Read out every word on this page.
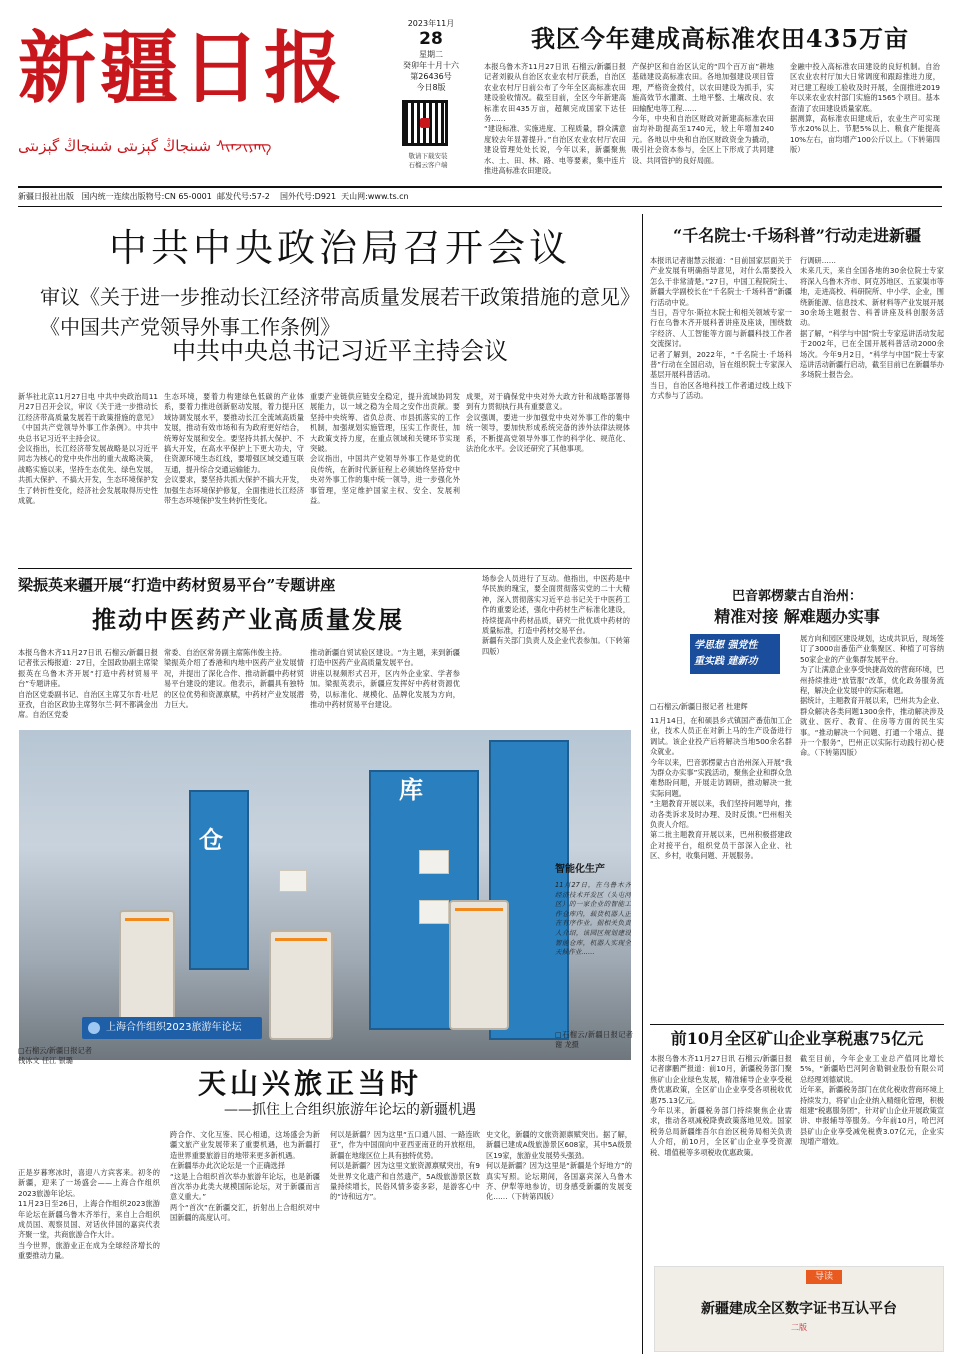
新疆日报
شىنجاڭ گېزىتى شىنجاڭ گېزىتى ᠰᠢᠨᠵᠢᠶᠠᠩ
2023年11月
28
星期二
癸卯年十月十六
第26436号
今日8版
敬请下载安装
石榴云客户端
新疆日报社出版   国内统一连续出版物号:CN 65-0001  邮发代号:57-2    国外代号:D921  天山网:www.ts.cn
我区今年建成高标准农田435万亩
本报乌鲁木齐11月27日讯 石榴云/新疆日报记者刘毅从自治区农业农村厅获悉，自治区农业农村厅日前公布了今年全区高标准农田建设验收情况。截至目前，全区今年新建高标准农田435万亩，超额完成国家下达任务……
“建设标准、实施进度、工程质量，群众满意度较去年显著提升。”自治区农业农村厅农田建设管理处处长说，今年以来，新疆聚焦水、土、田、林、路、电等要素，集中连片推进高标准农田建设。
产保护区和自治区认定的“四个百万亩”耕地基础建设高标准农田。各地加强建设项目管理，严格资金拨付，以农田建设为抓手，实施高效节水灌溉、土地平整、土壤改良、农田输配电等工程……
今年，中央和自治区财政对新建高标准农田亩均补助提高至1740元，较上年增加240元。各地以中央和自治区财政资金为撬动，吸引社会资本参与，全区上下形成了共同建设、共同管护的良好局面。
金融中投入高标准农田建设的良好机制。自治区农业农村厅加大日常调度和跟踪推进力度，对已建工程竣工验收及时开展，全面推进2019年以来农业农村部门实施的1565个项目。基本查清了农田建设质量家底。
据测算，高标准农田建成后，农业生产可实现节水20%以上、节肥5%以上、粮食产能提高10%左右，亩均增产100公斤以上。（下转第四版）
中共中央政治局召开会议
审议《关于进一步推动长江经济带高质量发展若干政策措施的意见》《中国共产党领导外事工作条例》
中共中央总书记习近平主持会议
新华社北京11月27日电 中共中央政治局11月27日召开会议，审议《关于进一步推动长江经济带高质量发展若干政策措施的意见》《中国共产党领导外事工作条例》。中共中央总书记习近平主持会议。
会议指出，长江经济带发展战略是以习近平同志为核心的党中央作出的重大战略决策，战略实施以来，坚持生态优先、绿色发展，共抓大保护、不搞大开发，生态环境保护发生了转折性变化，经济社会发展取得历史性成就。
生态环境，要着力构建绿色低碳的产业体系，要着力推进创新驱动发展，着力提升区域协调发展水平，要推动长江全流域高质量发展，推动有效市场和有为政府更好结合，统筹好发展和安全。要坚持共抓大保护、不搞大开发，在高水平保护上下更大功夫，守住资源环境生态红线，要增强区域交通互联互通，提升综合交通运输能力。
会议要求，要坚持共抓大保护不搞大开发，加强生态环境保护修复，全面推进长江经济带生态环境保护发生转折性变化。
重要产业链供应链安全稳定，提升流域协同发展能力，以一域之稳为全局之安作出贡献。要坚持中央统筹、省负总责、市县抓落实的工作机制，加强规划实施管理，压实工作责任，加大政策支持力度，在重点领域和关键环节实现突破。
会议指出，中国共产党领导外事工作是党的优良传统，在新时代新征程上必须始终坚持党中央对外事工作的集中统一领导，进一步强化外事管理，坚定维护国家主权、安全、发展利益。
成果，对于确保党中央对外大政方针和战略部署得到有力贯彻执行具有重要意义。
会议强调，要进一步加强党中央对外事工作的集中统一领导，要加快形成系统完备的涉外法律法规体系，不断提高党领导外事工作的科学化、规范化、法治化水平。会议还研究了其他事项。
梁振英来疆开展“打造中药材贸易平台”专题讲座
推动中医药产业高质量发展
本报乌鲁木齐11月27日讯 石榴云/新疆日报记者张云梅报道：27日，全国政协副主席梁振英在乌鲁木齐开展“打造中药材贸易平台”专题讲座。
自治区党委副书记、自治区主席艾尔肯·吐尼亚孜，自治区政协主席努尔兰·阿不都满金出席。自治区党委
常委、自治区常务副主席陈伟俊主持。
梁振英介绍了香港和内地中医药产业发展情况，并提出了深化合作、推动新疆中药材贸易平台建设的建议。他表示，新疆具有独特的区位优势和资源禀赋，中药材产业发展潜力巨大。
推动新疆自贸试验区建设。“为主题，来到新疆打造中医药产业高质量发展平台。
讲座以视频形式召开，区内外企业家、学者参加。梁振英表示，新疆应发挥好中药材资源优势，以标准化、规模化、品牌化发展为方向，推动中药材贸易平台建设。
场参会人员进行了互动。他指出，中医药是中华民族的瑰宝，要全面贯彻落实党的二十大精神，深入贯彻落实习近平总书记关于中医药工作的重要论述，强化中药材生产标准化建设，持续提高中药材品质，研究一批优质中药材的质量标准，打造中药材交易平台。
新疆有关部门负责人及企业代表参加。（下转第四版）
库
仓
智能化生产
11月27日，在乌鲁木齐经济技术开发区（头屯河区）的一家企业的智能工作仓库内，载货机器人正在有序作业。据相关负责人介绍，该园区规划建设智能仓库，机器人实现全天候作业……
□石榴云/新疆日报记者 谢 龙摄
天山兴旅正当时
——抓住上合组织旅游年论坛的新疆机遇
上海合作组织2023旅游年论坛
□石榴云/新疆日报记者
钱冰文 任江 银璐
正是岁暮寒冰时，喜迎八方宾客来。初冬的新疆，迎来了一场盛会——上海合作组织2023旅游年论坛。
11月23日至26日，上海合作组织2023旅游年论坛在新疆乌鲁木齐举行，来自上合组织成员国、观察员国、对话伙伴国的嘉宾代表齐聚一堂，共商旅游合作大计。
当今世界，旅游业正在成为全球经济增长的重要推动力量。
跨合作、文化互鉴、民心相通，这场盛会为新疆文旅产业发展带来了重要机遇，也为新疆打造世界重要旅游目的地带来更多新机遇。
在新疆举办此次论坛是一个正确选择
“这是上合组织首次举办旅游年论坛，也是新疆首次举办此类大规模国际论坛，对于新疆而言意义重大。”
两个“首次”在新疆交汇，折射出上合组织对中国新疆的高度认可。
何以是新疆？因为这里“五口通八国、一路连欧亚”，作为中国面向中亚西亚南亚的开放枢纽，新疆在地缘区位上具有独特优势。
何以是新疆？因为这里文旅资源禀赋突出，有9处世界文化遗产和自然遗产，5A级旅游景区数量持续增长，民俗风情多姿多彩，是游客心中的“诗和远方”。
史文化，新疆的文旅资源禀赋突出。据了解，新疆已建成A级旅游景区608家，其中5A级景区19家，旅游业发展势头强劲。
何以是新疆？因为这里是“新疆是个好地方”的真实写照。论坛期间，各国嘉宾深入乌鲁木齐、伊犁等地参访，切身感受新疆的发展变化……（下转第四版）
“千名院士·千场科普”行动走进新疆
本报讯记者谢慧云报道：“目前国家层面关于产业发展有明确指导意见，对什么需要投入怎么干非常清楚。”27日，中国工程院院士、新疆大学副校长在“千名院士·千场科普”新疆行活动中说。
当日，吾守尔·斯拉木院士和相关领域专家一行在乌鲁木齐开展科普讲座及座谈，围绕数字经济、人工智能等方面与新疆科技工作者交流探讨。
记者了解到，2022年，“千名院士·千场科普”行动在全国启动，旨在组织院士专家深入基层开展科普活动。
当日，自治区各地科技工作者通过线上线下方式参与了活动。
行调研……
未来几天，来自全国各地的30余位院士专家将深入乌鲁木齐市、阿克苏地区、五家渠市等地，走进高校、科研院所、中小学、企业，围绕新能源、信息技术、新材料等产业发展开展30余场主题报告、科普讲座及科创服务活动。
据了解，“科学与中国”院士专家巡讲活动发起于2002年，已在全国开展科普活动2000余场次。今年9月2日，“科学与中国”院士专家巡讲活动新疆行启动，截至目前已在新疆举办多场院士报告会。
巴音郭楞蒙古自治州：
精准对接 解难题办实事
学思想 强党性
重实践 建新功
□石榴云/新疆日报记者 杜建辉
11月14日，在和硕县乡式镇国产番茄加工企业，技术人员正在对新上马的生产设备进行调试。该企业投产后将解决当地500余名群众就业。
今年以来，巴音郭楞蒙古自治州深入开展“我为群众办实事”实践活动，聚焦企业和群众急难愁盼问题，开展走访调研，推动解决一批实际问题。
“主题教育开展以来，我们坚持问题导向，推动各类诉求及时办理、及时反馈。”巴州相关负责人介绍。
第二批主题教育开展以来，巴州积极搭建政企对接平台，组织党员干部深入企业、社区、乡村，收集问题、开展服务。
展方向和园区建设规划，达成共识后，现场签订了3000亩番茄产业集聚区、种植了可容纳50家企业的产业集群发展平台。
为了让满意企业享受快捷高效的营商环境，巴州持续推进“放管服”改革，优化政务服务流程，解决企业发展中的实际难题。
据统计，主题教育开展以来，巴州共为企业、群众解决各类问题1300余件，推动解决涉及就业、医疗、教育、住房等方面的民生实事。“推动解决一个问题、打通一个堵点、提升一个服务”，巴州正以实际行动践行初心使命。（下转第四版）
前10月全区矿山企业享税惠75亿元
本报乌鲁木齐11月27日讯 石榴云/新疆日报记者廖鹏严报道：前10月，新疆税务部门聚焦矿山企业绿色发展，精准辅导企业享受税费优惠政策，全区矿山企业享受各项税收优惠75.13亿元。
今年以来，新疆税务部门持续聚焦企业需求，推动各项减税降费政策落地见效。国家税务总局新疆维吾尔自治区税务局相关负责人介绍，前10月，全区矿山企业享受资源税、增值税等多项税收优惠政策。
截至目前，今年企业工业总产值同比增长5%，“新疆哈巴河阿舍勒铜业股份有限公司总经理刘德斌说。
近年来，新疆税务部门在优化税收营商环境上持续发力，将矿山企业纳入精细化管理，积极组建“税惠服务团”，针对矿山企业开展政策宣讲、申报辅导等服务。今年前10月，哈巴河县矿山企业享受减免税费3.07亿元，企业实现增产增效。
导读
新疆建成全区数字证书互认平台
二版
